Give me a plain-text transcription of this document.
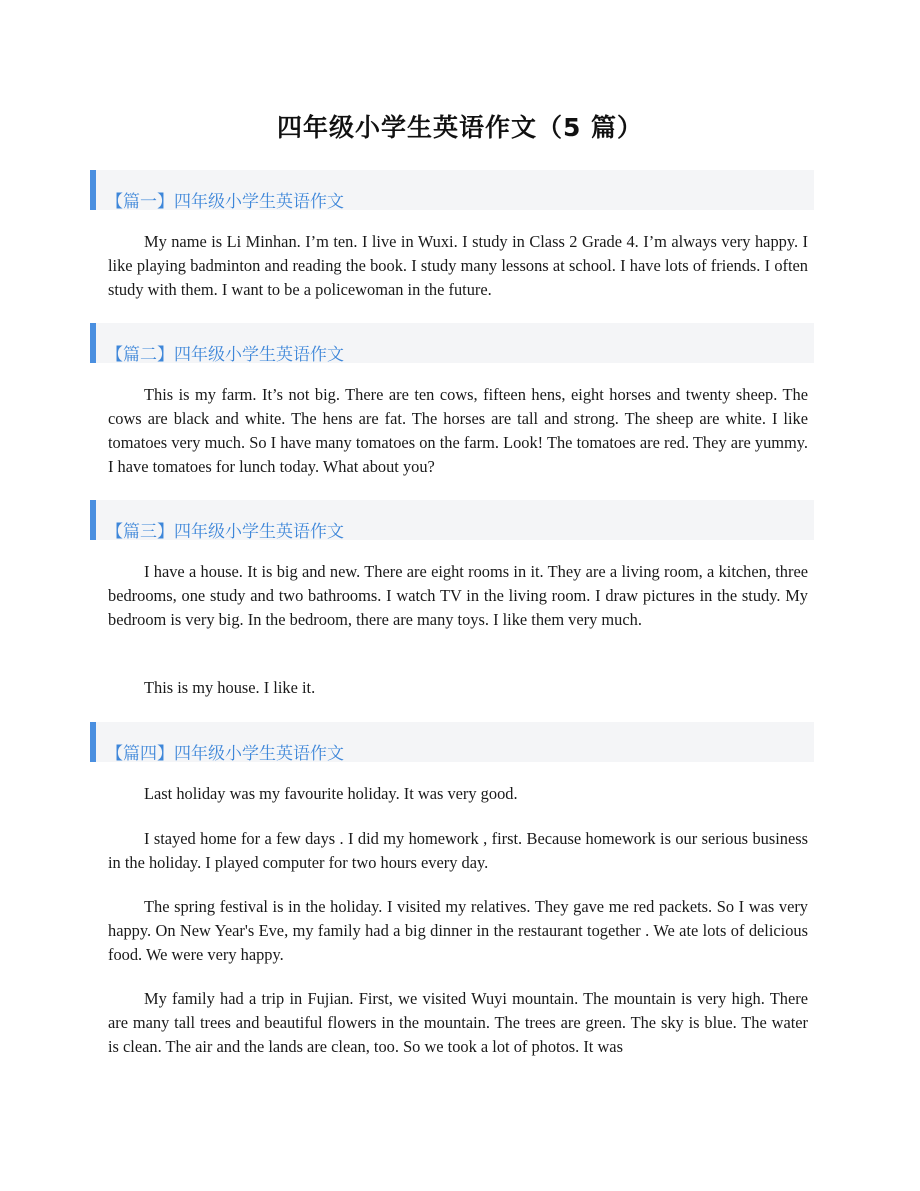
四年级小学生英语作文（5 篇）
【篇一】四年级小学生英语作文

My name is Li Minhan. I’m ten. I live in Wuxi. I study in Class 2 Grade 4. I’m always very happy. I like playing badminton and reading the book. I study many lessons at school. I have lots of friends. I often study with them. I want to be a policewoman in the future.

【篇二】四年级小学生英语作文

This is my farm. It’s not big. There are ten cows, fifteen hens, eight horses and twenty sheep. The cows are black and white. The hens are fat. The horses are tall and strong. The sheep are white. I like tomatoes very much. So I have many tomatoes on the farm. Look! The tomatoes are red. They are yummy. I have tomatoes for lunch today. What about you?

【篇三】四年级小学生英语作文

I have a house. It is big and new. There are eight rooms in it. They are a living room, a kitchen, three bedrooms, one study and two bathrooms. I watch TV in the living room. I draw pictures in the study. My bedroom is very big. In the bedroom, there are many toys. I like them very much.

This is my house. I like it.

【篇四】四年级小学生英语作文

Last holiday was my favourite holiday. It was very good.

I stayed home for a few days . I did my homework , first. Because homework is our serious business in the holiday. I played computer for two hours every day.

The spring festival is in the holiday. I visited my relatives. They gave me red packets. So I was very happy. On New Year's Eve, my family had a big dinner in the restaurant together . We ate lots of delicious food. We were very happy.

My family had a trip in Fujian. First, we visited Wuyi mountain. The mountain is very high. There are many tall trees and beautiful flowers in the mountain. The trees are green. The sky is blue. The water is clean. The air and the lands are clean, too. So we took a lot of photos. It was
